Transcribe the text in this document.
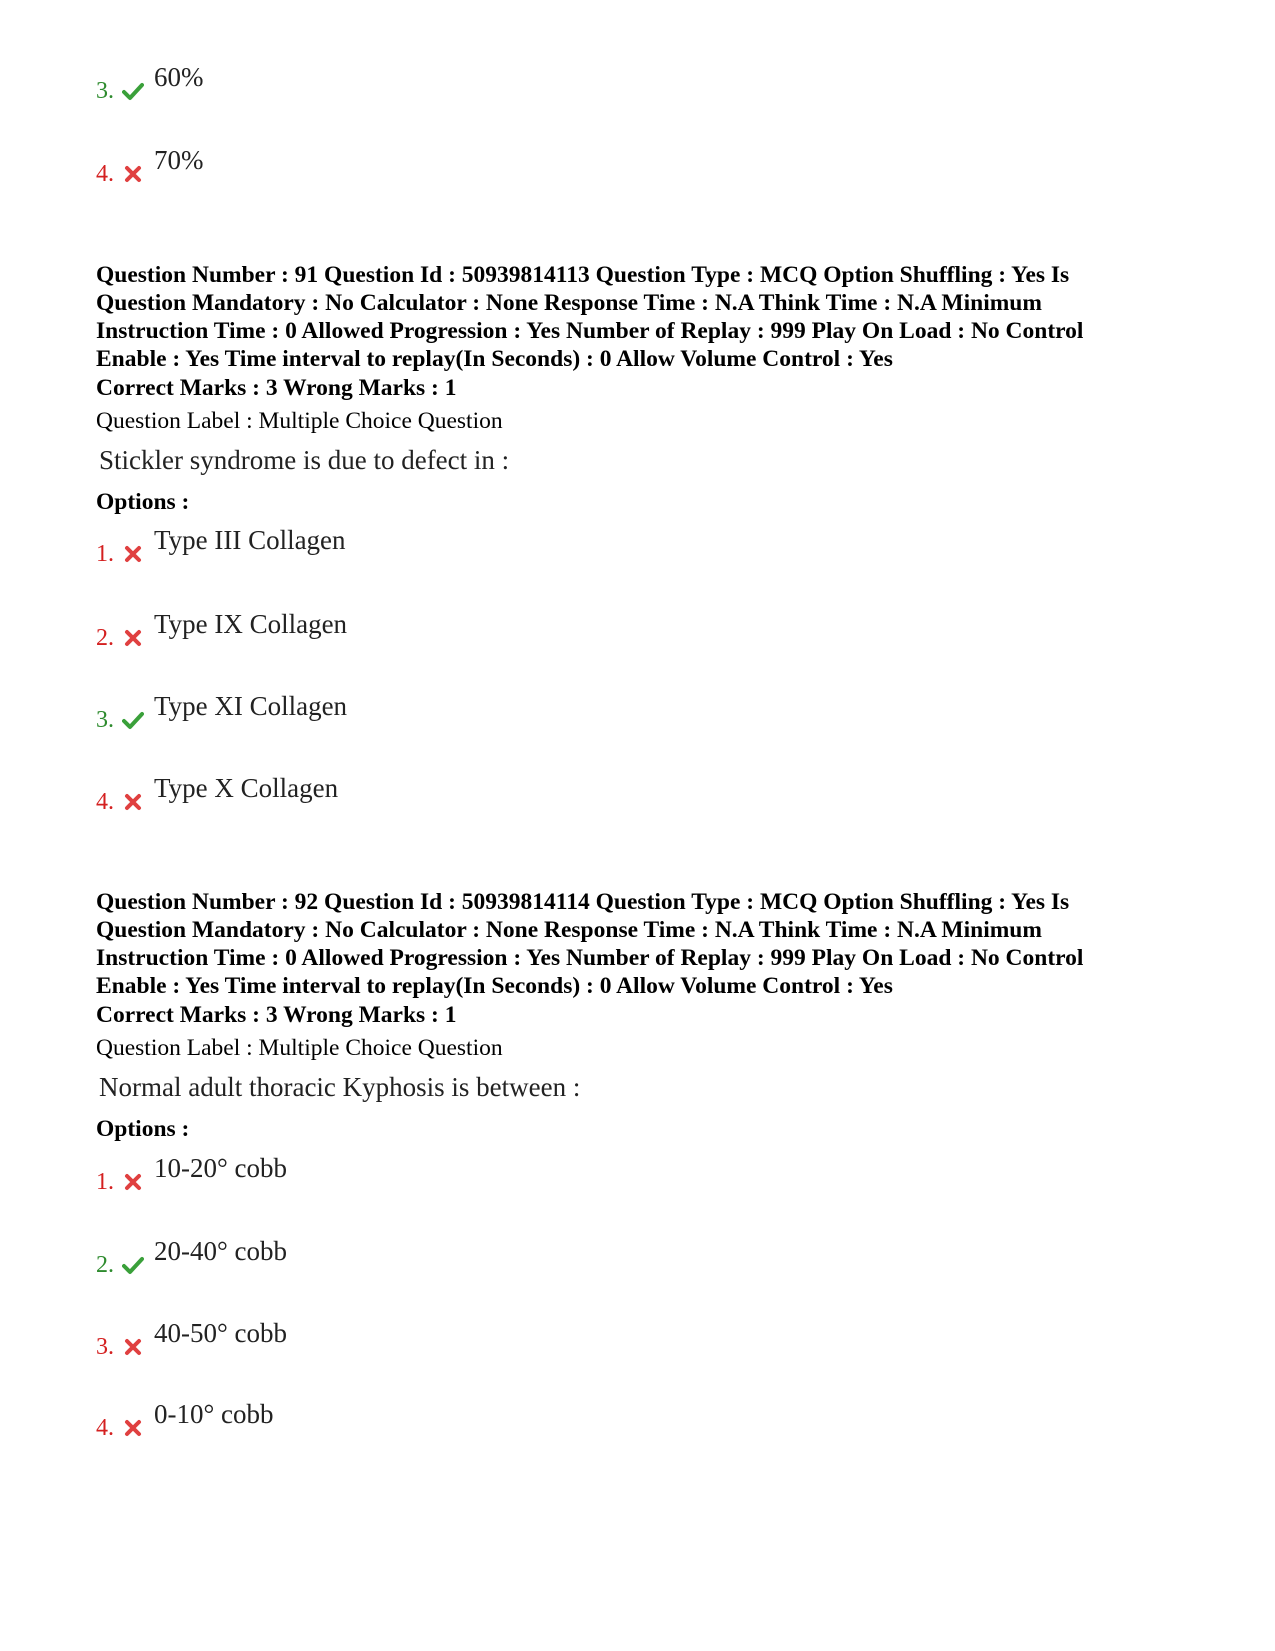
3. 60%
4. 70%
Question Number : 91 Question Id : 50939814113 Question Type : MCQ Option Shuffling : Yes Is
Question Mandatory : No Calculator : None Response Time : N.A Think Time : N.A Minimum
Instruction Time : 0 Allowed Progression : Yes Number of Replay : 999 Play On Load : No Control
Enable : Yes Time interval to replay(In Seconds) : 0 Allow Volume Control : Yes
Correct Marks : 3 Wrong Marks : 1
Question Label : Multiple Choice Question
Stickler syndrome is due to defect in :
Options :
1. Type III Collagen
2. Type IX Collagen
3. Type XI Collagen
4. Type X Collagen
Question Number : 92 Question Id : 50939814114 Question Type : MCQ Option Shuffling : Yes Is
Question Mandatory : No Calculator : None Response Time : N.A Think Time : N.A Minimum
Instruction Time : 0 Allowed Progression : Yes Number of Replay : 999 Play On Load : No Control
Enable : Yes Time interval to replay(In Seconds) : 0 Allow Volume Control : Yes
Correct Marks : 3 Wrong Marks : 1
Question Label : Multiple Choice Question
Normal adult thoracic Kyphosis is between :
Options :
1. 10-20° cobb
2. 20-40° cobb
3. 40-50° cobb
4. 0-10° cobb
